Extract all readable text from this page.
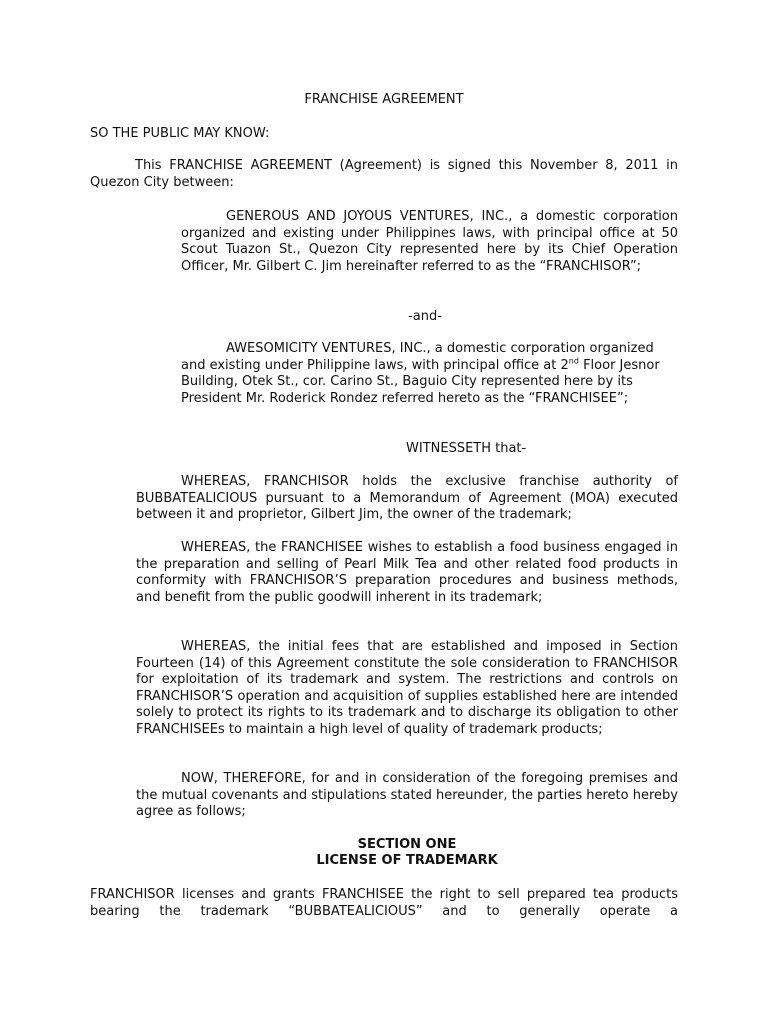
FRANCHISE AGREEMENT
SO THE PUBLIC MAY KNOW:
This FRANCHISE AGREEMENT (Agreement) is signed this November 8, 2011 in Quezon City between:
GENEROUS AND JOYOUS VENTURES, INC., a domestic corporation organized and existing under Philippines laws, with principal office at 50 Scout Tuazon St., Quezon City represented here by its Chief Operation Officer, Mr. Gilbert C. Jim hereinafter referred to as the “FRANCHISOR”;
-and-
AWESOMICITY VENTURES, INC., a domestic corporation organized and existing under Philippine laws, with principal office at 2nd Floor Jesnor Building, Otek St., cor. Carino St., Baguio City represented here by its President Mr. Roderick Rondez referred hereto as the “FRANCHISEE”;
WITNESSETH that-
WHEREAS, FRANCHISOR holds the exclusive franchise authority of BUBBATEALICIOUS pursuant to a Memorandum of Agreement (MOA) executed between it and proprietor, Gilbert Jim, the owner of the trademark;
WHEREAS, the FRANCHISEE wishes to establish a food business engaged in the preparation and selling of Pearl Milk Tea and other related food products in conformity with FRANCHISOR’S preparation procedures and business methods, and benefit from the public goodwill inherent in its trademark;
WHEREAS, the initial fees that are established and imposed in Section Fourteen (14) of this Agreement constitute the sole consideration to FRANCHISOR for exploitation of its trademark and system. The restrictions and controls on FRANCHISOR’S operation and acquisition of supplies established here are intended solely to protect its rights to its trademark and to discharge its obligation to other FRANCHISEEs to maintain a high level of quality of trademark products;
NOW, THEREFORE, for and in consideration of the foregoing premises and the mutual covenants and stipulations stated hereunder, the parties hereto hereby agree as follows;
SECTION ONE
LICENSE OF TRADEMARK
FRANCHISOR licenses and grants FRANCHISEE the right to sell prepared tea products bearing the trademark “BUBBATEALICIOUS” and to generally operate a
